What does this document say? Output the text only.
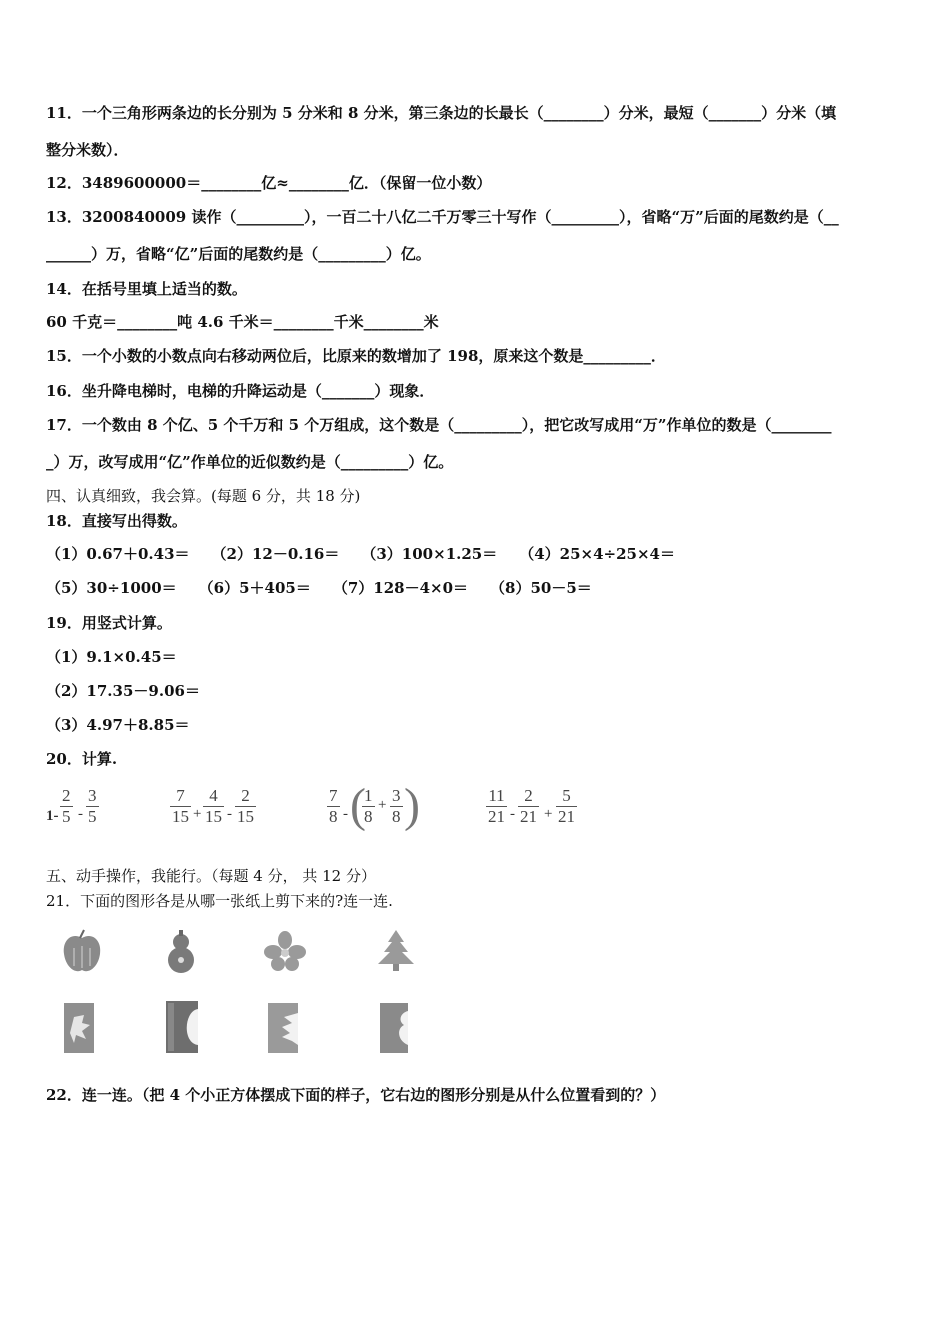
11．一个三角形两条边的长分别为 5 分米和 8 分米，第三条边的长最长（________）分米，最短（_______）分米（填
整分米数）．
12．3489600000＝________亿≈________亿．（保留一位小数）
13．3200840009 读作（_________），一百二十八亿二千万零三十写作（_________），省略“万”后面的尾数约是（__
______）万，省略“亿”后面的尾数约是（_________）亿。
14．在括号里填上适当的数。
60 千克＝________吨 4.6 千米＝________千米________米
15．一个小数的小数点向右移动两位后，比原来的数增加了 198，原来这个数是_________．
16．坐升降电梯时，电梯的升降运动是（_______）现象．
17．一个数由 8 个亿、5 个千万和 5 个万组成，这个数是（_________），把它改写成用“万”作单位的数是（________
_）万，改写成用“亿”作单位的近似数约是（_________）亿。
四、认真细致，我会算。(每题 6 分，共 18 分)
18．直接写出得数。
（1）0.67＋0.43＝ （2）12－0.16＝ （3）100×1.25＝ （4）25×4÷25×4＝
（5）30÷1000＝ （6）5＋405＝ （7）128－4×0＝ （8）50－5＝
19．用竖式计算。
（1）9.1×0.45＝
（2）17.35－9.06＝
（3）4.97＋8.85＝
20．计算.
1-
2
5 -
3
5
7
15 +
4
15 -
2
15
7
8 - (
1
8
+ 3
8 )	11
21 -
2
21 +
5
21
五、动手操作，我能行。（每题 4 分， 共 12 分）
21．下面的图形各是从哪一张纸上剪下来的?连一连.
22．连一连。（把 4 个小正方体摆成下面的样子，它右边的图形分别是从什么位置看到的？）
